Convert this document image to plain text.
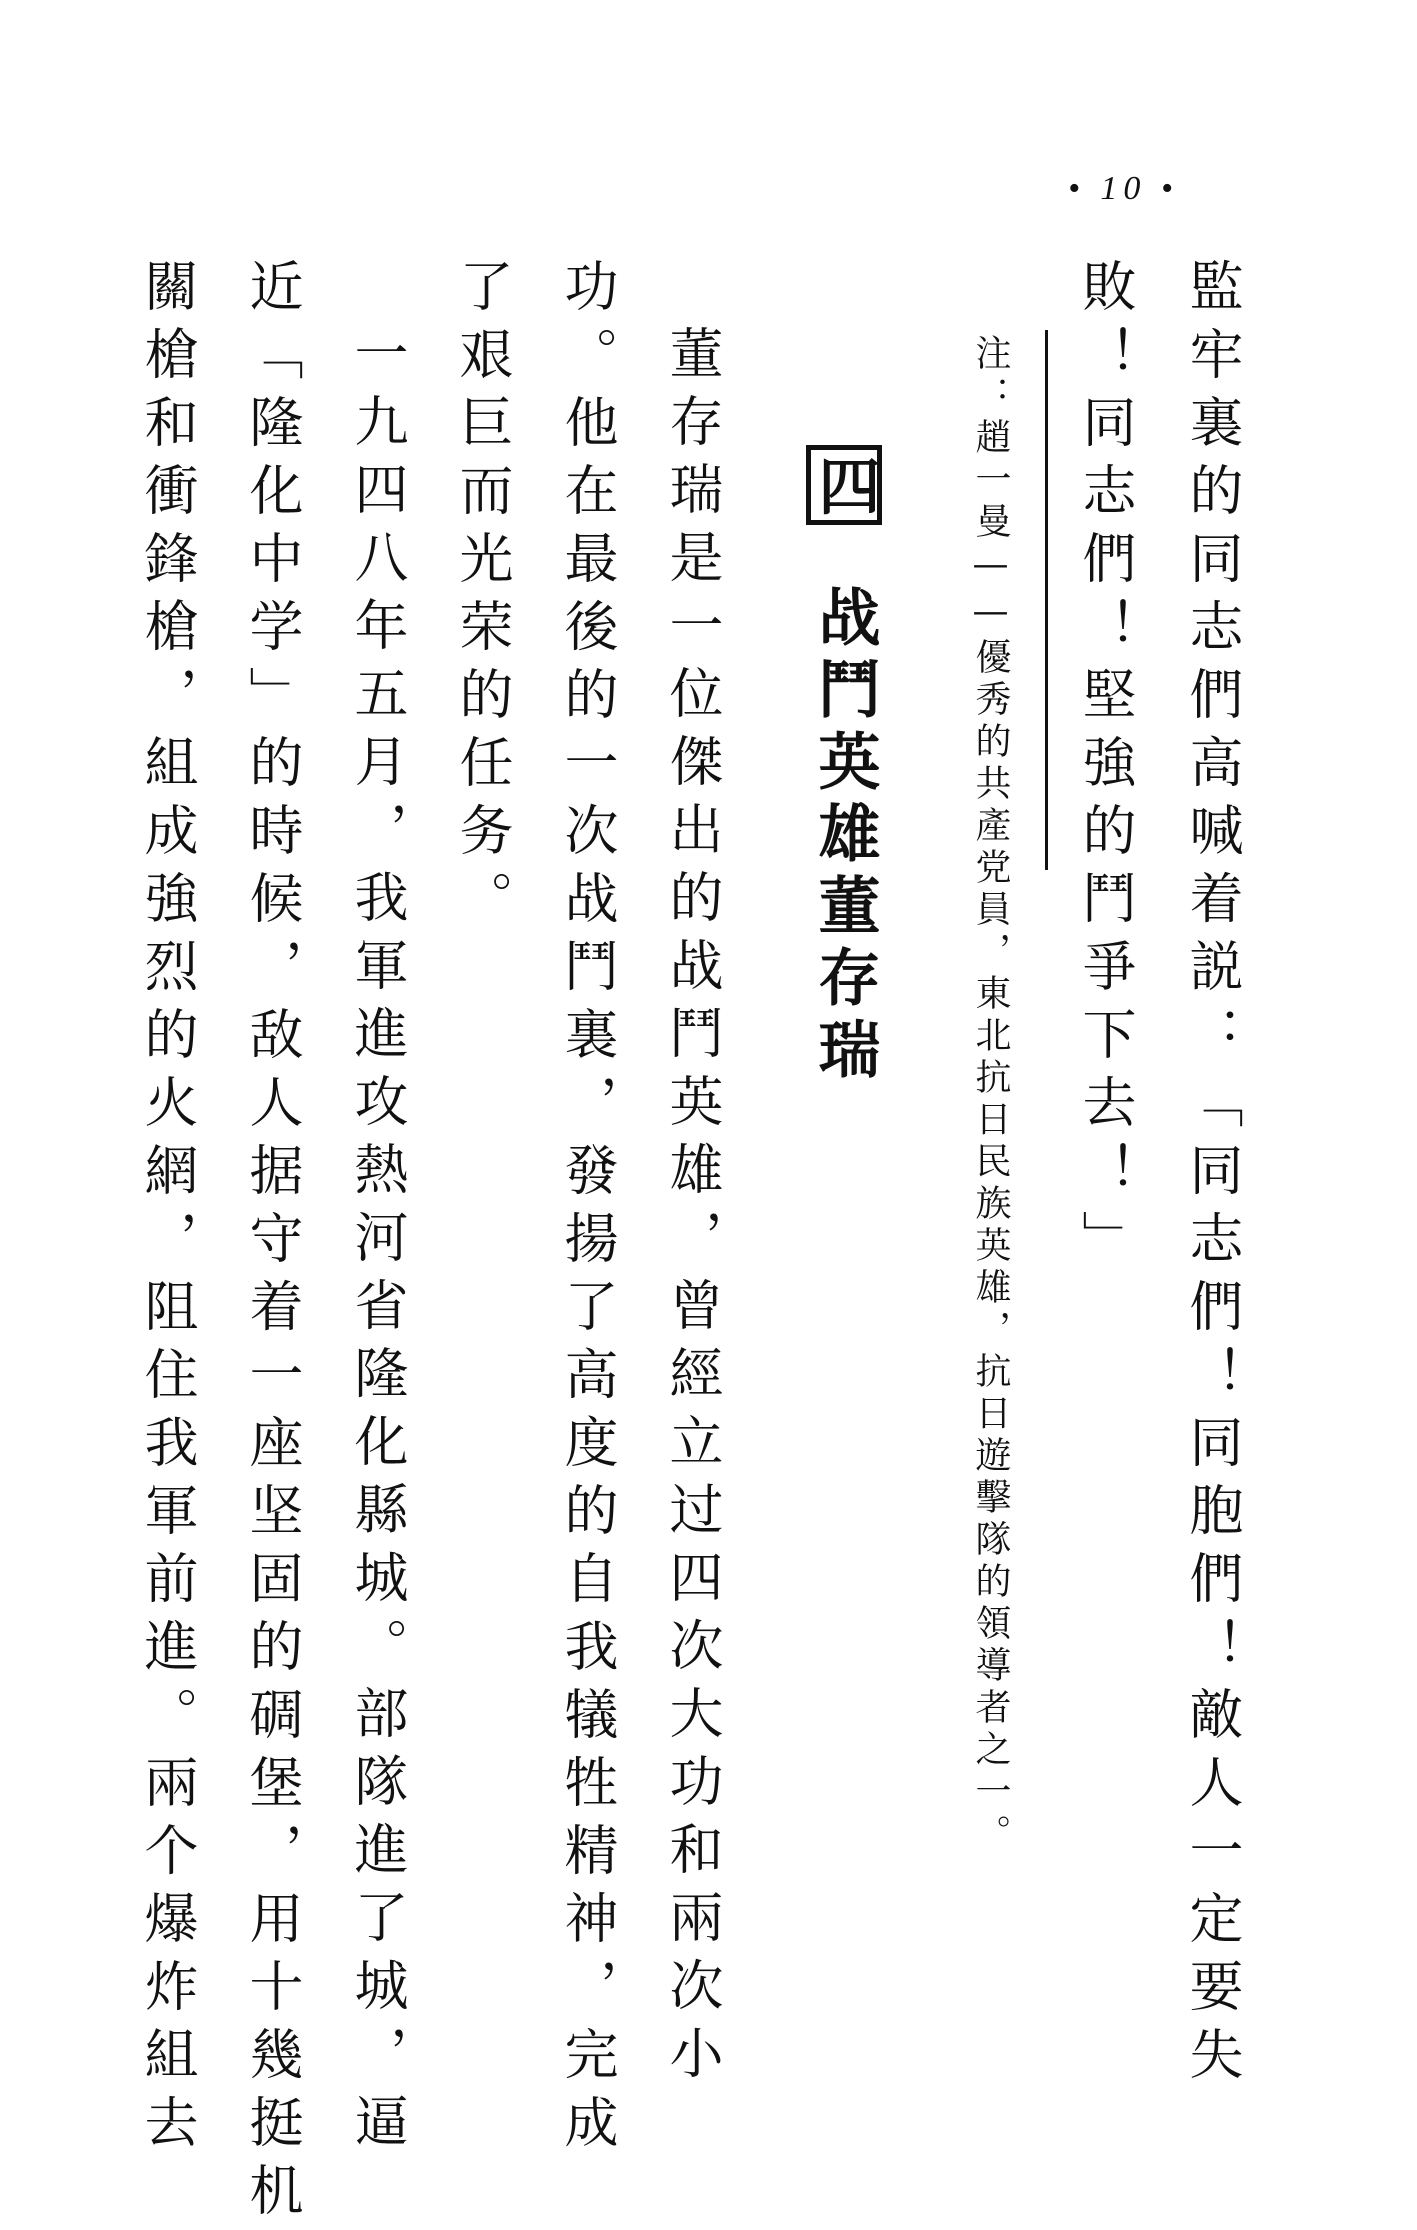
• 10 •
監牢裏的同志們高喊着説：「同志們！同胞們！敵人一定要失
敗！同志們！堅強的鬥爭下去！」
注：趙一曼——優秀的共產党員，東北抗日民族英雄，抗日遊擊隊的領導者之一。
四战鬥英雄董存瑞
董存瑞是一位傑出的战鬥英雄，曾經立过四次大功和兩次小
功。他在最後的一次战鬥裏，發揚了高度的自我犠牲精神，完成
了艰巨而光荣的任务。
一九四八年五月，我軍進攻熱河省隆化縣城。部隊進了城，逼
近「隆化中学」的時候，敌人据守着一座坚固的碉堡，用十幾挺机
關槍和衝鋒槍，組成強烈的火網，阻住我軍前進。兩个爆炸組去
